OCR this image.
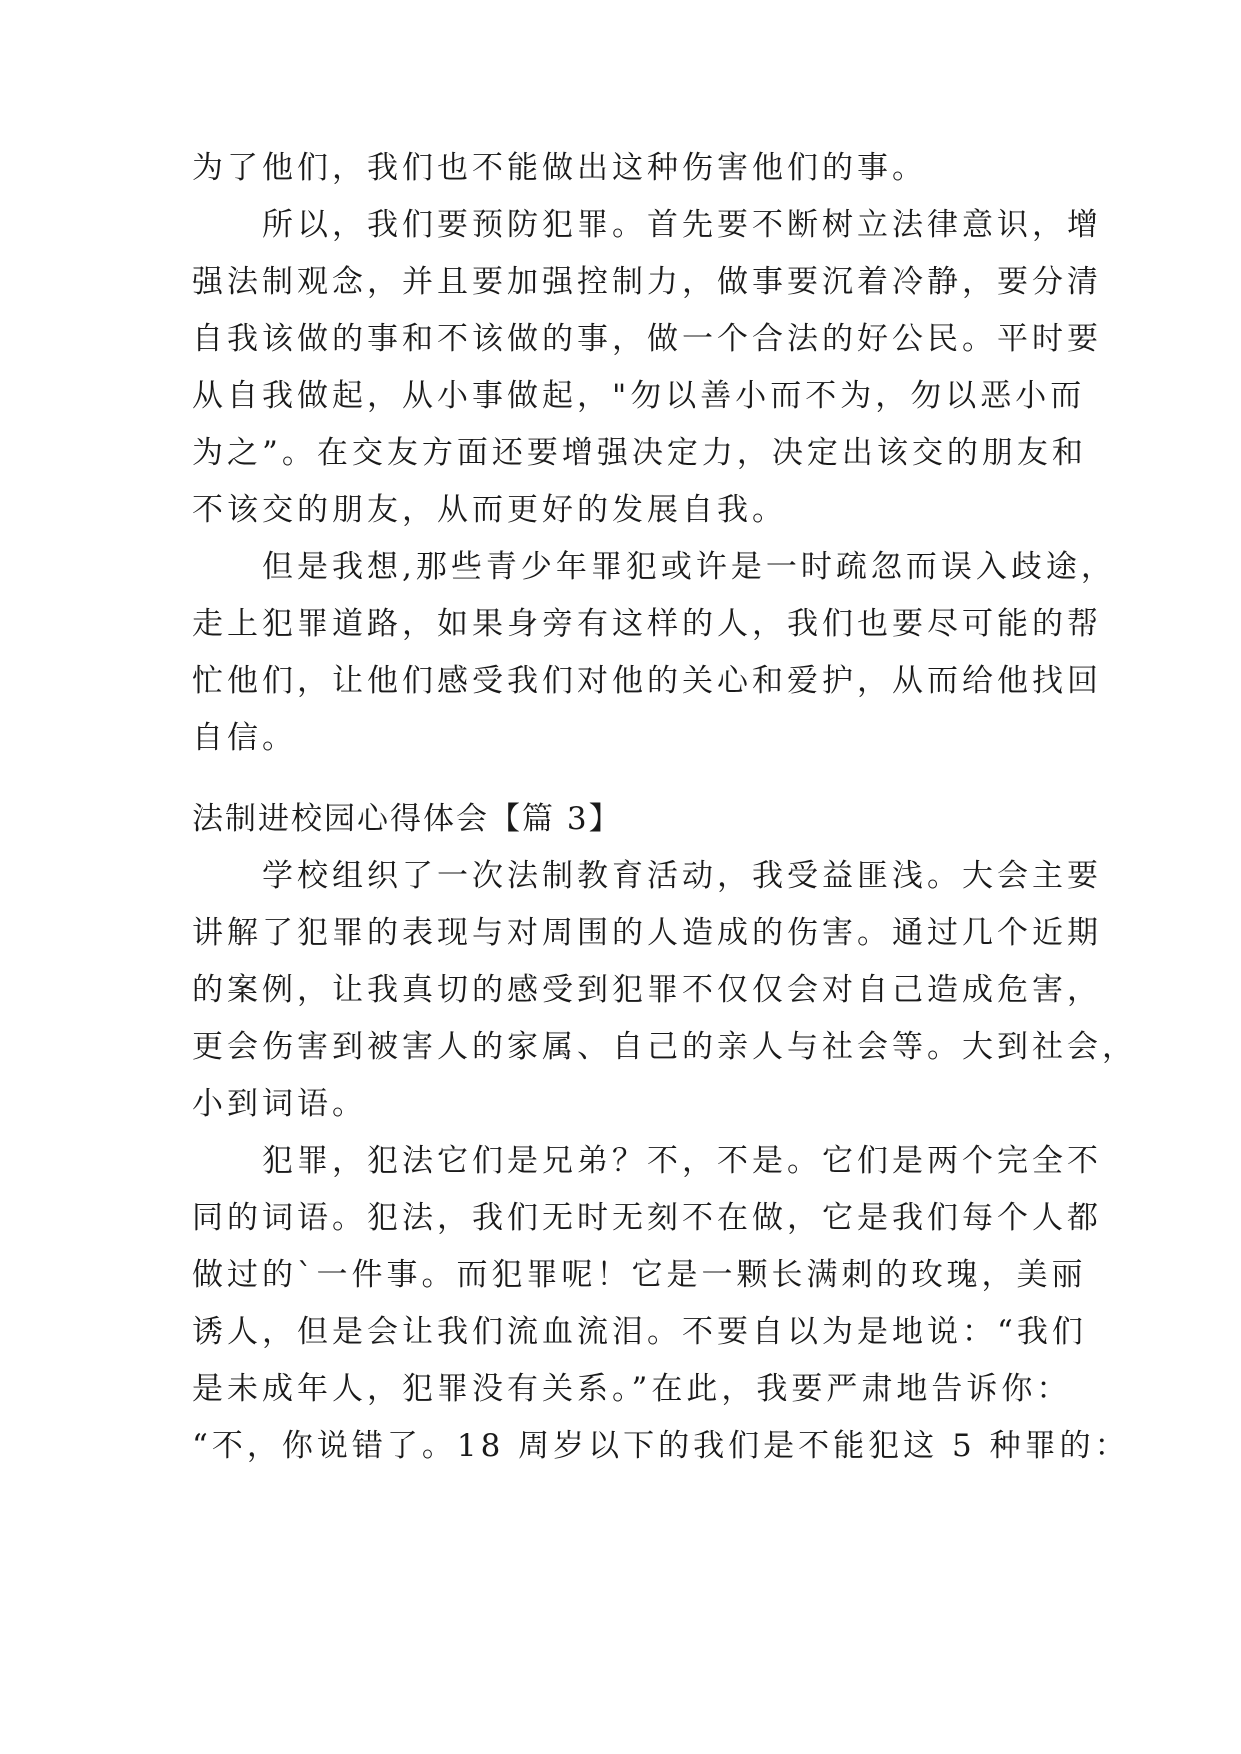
为了他们，我们也不能做出这种伤害他们的事。
　　所以，我们要预防犯罪。首先要不断树立法律意识，增
强法制观念，并且要加强控制力，做事要沉着冷静，要分清
自我该做的事和不该做的事，做一个合法的好公民。平时要
从自我做起，从小事做起，"勿以善小而不为，勿以恶小而
为之”。在交友方面还要增强决定力，决定出该交的朋友和
不该交的朋友，从而更好的发展自我。
　　但是我想,那些青少年罪犯或许是一时疏忽而误入歧途，
走上犯罪道路，如果身旁有这样的人，我们也要尽可能的帮
忙他们，让他们感受我们对他的关心和爱护，从而给他找回
自信。
法制进校园心得体会【篇 3】
　　学校组织了一次法制教育活动，我受益匪浅。大会主要
讲解了犯罪的表现与对周围的人造成的伤害。通过几个近期
的案例，让我真切的感受到犯罪不仅仅会对自己造成危害，
更会伤害到被害人的家属、自己的亲人与社会等。大到社会，
小到词语。
　　犯罪，犯法它们是兄弟？不，不是。它们是两个完全不
同的词语。犯法，我们无时无刻不在做，它是我们每个人都
做过的`一件事。而犯罪呢！它是一颗长满刺的玫瑰，美丽
诱人，但是会让我们流血流泪。不要自以为是地说：“我们
是未成年人，犯罪没有关系。”在此，我要严肃地告诉你：
“不，你说错了。18 周岁以下的我们是不能犯这 5 种罪的：
